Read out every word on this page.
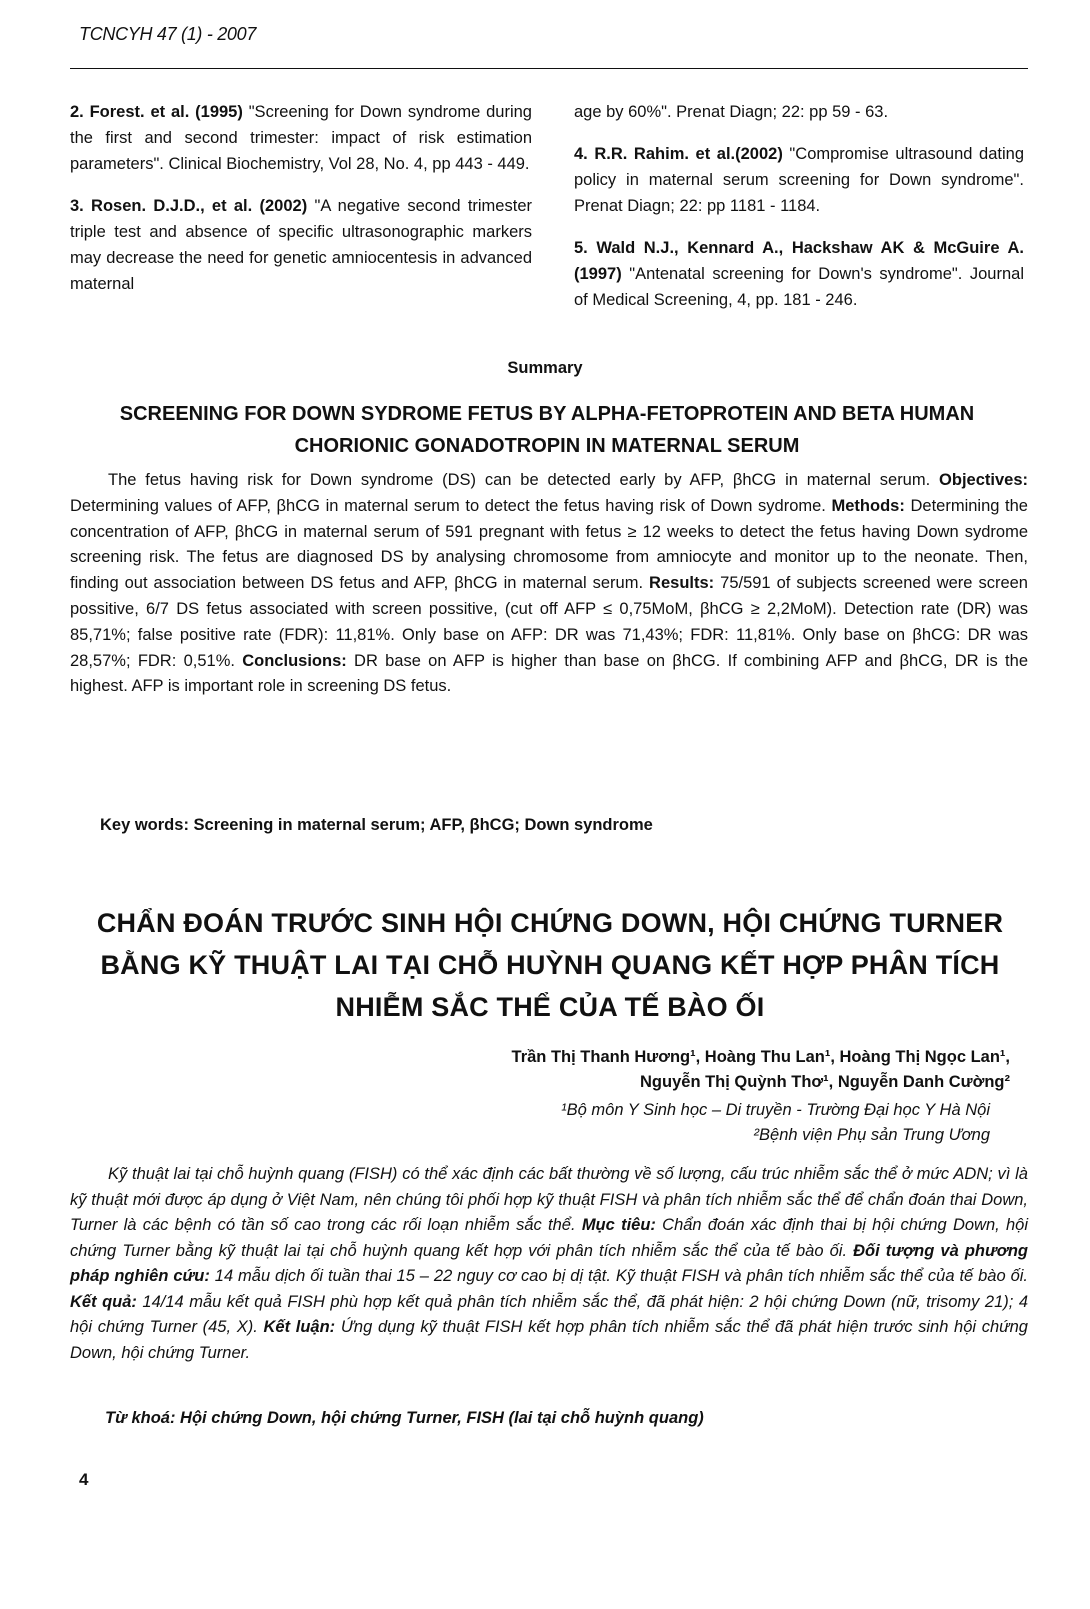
TCNCYH 47 (1) - 2007

2. Forest. et al. (1995) "Screening for Down syndrome during the first and second trimester: impact of risk estimation parameters". Clinical Biochemistry, Vol 28, No. 4, pp 443 - 449.

3. Rosen. D.J.D., et al. (2002) "A negative second trimester triple test and absence of specific ultrasonographic markers may decrease the need for genetic amniocentesis in advanced maternal

age by 60%". Prenat Diagn; 22: pp 59 - 63.

4. R.R. Rahim. et al.(2002) "Compromise ultrasound dating policy in maternal serum screening for Down syndrome". Prenat Diagn; 22: pp 1181 - 1184.

5. Wald N.J., Kennard A., Hackshaw AK & McGuire A. (1997) "Antenatal screening for Down's syndrome". Journal of Medical Screening, 4, pp. 181 - 246.

Summary
SCREENING FOR DOWN SYDROME FETUS BY ALPHA-FETOPROTEIN AND BETA HUMAN
CHORIONIC GONADOTROPIN IN MATERNAL SERUM
The fetus having risk for Down syndrome (DS) can be detected early by AFP, βhCG in maternal serum. Objectives: Determining values of AFP, βhCG in maternal serum to detect the fetus having risk of Down sydrome. Methods: Determining the concentration of AFP, βhCG in maternal serum of 591 pregnant with fetus ≥ 12 weeks to detect the fetus having Down sydrome screening risk. The fetus are diagnosed DS by analysing chromosome from amniocyte and monitor up to the neonate. Then, finding out association between DS fetus and AFP, βhCG in maternal serum. Results: 75/591 of subjects screened were screen possitive, 6/7 DS fetus associated with screen possitive, (cut off AFP ≤ 0,75MoM, βhCG ≥ 2,2MoM). Detection rate (DR) was 85,71%; false positive rate (FDR): 11,81%. Only base on AFP: DR was 71,43%; FDR: 11,81%. Only base on βhCG: DR was 28,57%; FDR: 0,51%. Conclusions: DR base on AFP is higher than base on βhCG. If combining AFP and βhCG, DR is the highest. AFP is important role in screening DS fetus.
Key words: Screening in maternal serum; AFP, βhCG; Down syndrome
CHẨN ĐOÁN TRƯỚC SINH HỘI CHỨNG DOWN, HỘI CHỨNG TURNER BẰNG KỸ THUẬT LAI TẠI CHỖ HUỲNH QUANG KẾT HỢP PHÂN TÍCH NHIỄM SẮC THỂ CỦA TẾ BÀO ỐI
Trần Thị Thanh Hương¹, Hoàng Thu Lan¹, Hoàng Thị Ngọc Lan¹,
Nguyễn Thị Quỳnh Thơ¹, Nguyễn Danh Cường²
¹Bộ môn Y Sinh học – Di truyền - Trường Đại học Y Hà Nội
²Bệnh viện Phụ sản Trung Ương
Kỹ thuật lai tại chỗ huỳnh quang (FISH) có thể xác định các bất thường về số lượng, cấu trúc nhiễm sắc thể ở mức ADN; vì là kỹ thuật mới được áp dụng ở Việt Nam, nên chúng tôi phối hợp kỹ thuật FISH và phân tích nhiễm sắc thể để chẩn đoán thai Down, Turner là các bệnh có tần số cao trong các rối loạn nhiễm sắc thể. Mục tiêu: Chẩn đoán xác định thai bị hội chứng Down, hội chứng Turner bằng kỹ thuật lai tại chỗ huỳnh quang kết hợp với phân tích nhiễm sắc thể của tế bào ối. Đối tượng và phương pháp nghiên cứu: 14 mẫu dịch ối tuần thai 15 – 22 nguy cơ cao bị dị tật. Kỹ thuật FISH và phân tích nhiễm sắc thể của tế bào ối. Kết quả: 14/14 mẫu kết quả FISH phù hợp kết quả phân tích nhiễm sắc thể, đã phát hiện: 2 hội chứng Down (nữ, trisomy 21); 4 hội chứng Turner (45, X). Kết luận: Ứng dụng kỹ thuật FISH kết hợp phân tích nhiễm sắc thể đã phát hiện trước sinh hội chứng Down, hội chứng Turner.
Từ khoá: Hội chứng Down, hội chứng Turner, FISH (lai tại chỗ huỳnh quang)
4
